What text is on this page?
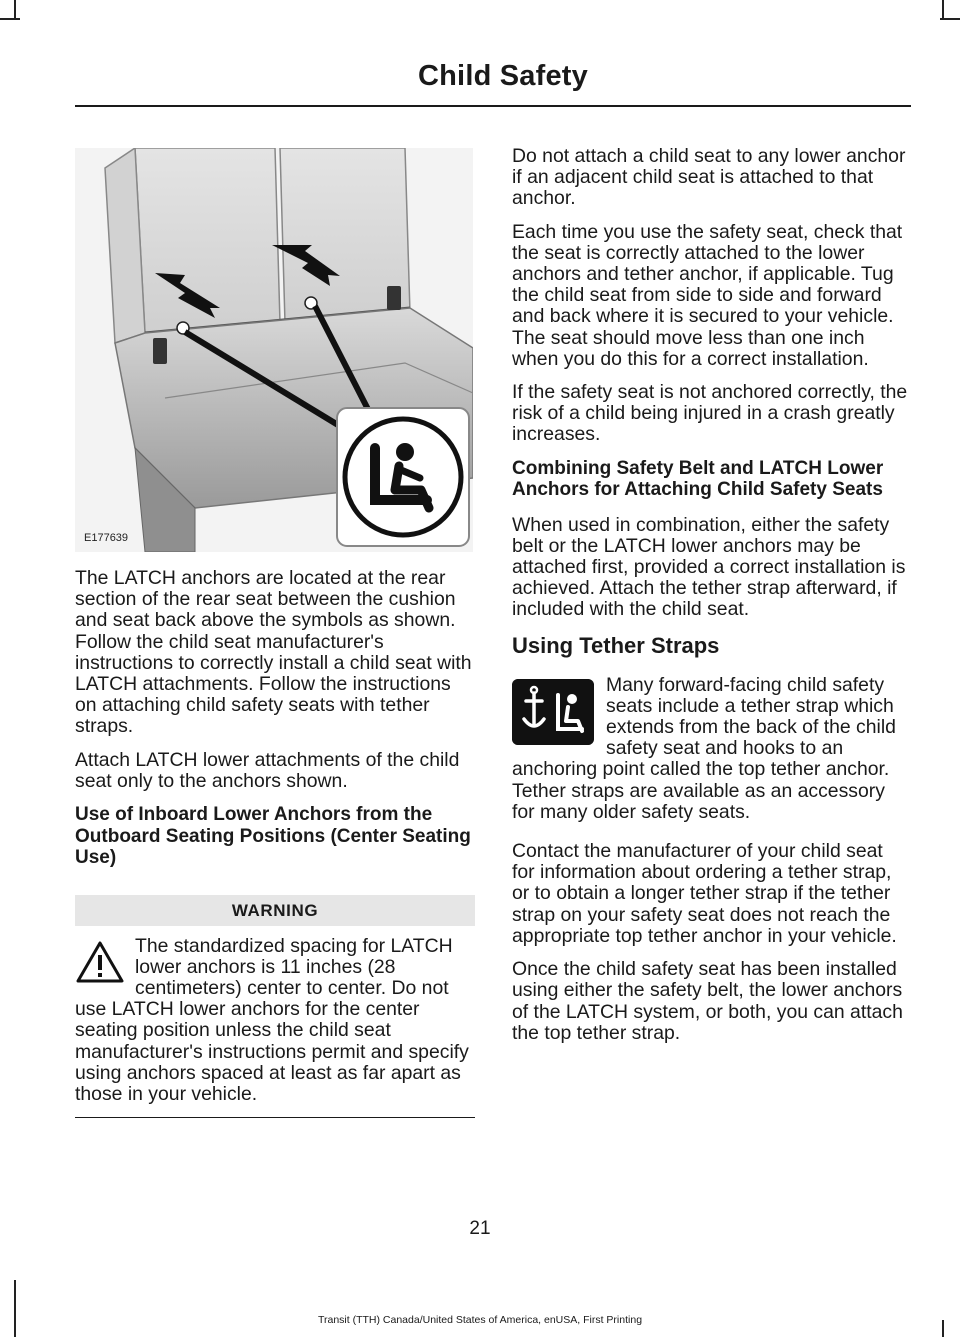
Child Safety
E177639

The LATCH anchors are located at the rear section of the rear seat between the cushion and seat back above the symbols as shown. Follow the child seat manufacturer's instructions to correctly install a child seat with LATCH attachments. Follow the instructions on attaching child safety seats with tether straps.

Attach LATCH lower attachments of the child seat only to the anchors shown.

Use of Inboard Lower Anchors from the Outboard Seating Positions (Center Seating Use)
WARNING

The standardized spacing for LATCH lower anchors is 11 inches (28 centimeters) center to center. Do not use LATCH lower anchors for the center seating position unless the child seat manufacturer's instructions permit and specify using anchors spaced at least as far apart as those in your vehicle.

Do not attach a child seat to any lower anchor if an adjacent child seat is attached to that anchor.

Each time you use the safety seat, check that the seat is correctly attached to the lower anchors and tether anchor, if applicable. Tug the child seat from side to side and forward and back where it is secured to your vehicle. The seat should move less than one inch when you do this for a correct installation.

If the safety seat is not anchored correctly, the risk of a child being injured in a crash greatly increases.

Combining Safety Belt and LATCH Lower Anchors for Attaching Child Safety Seats

When used in combination, either the safety belt or the LATCH lower anchors may be attached first, provided a correct installation is achieved. Attach the tether strap afterward, if included with the child seat.

Using Tether Straps

Many forward-facing child safety seats include a tether strap which extends from the back of the child safety seat and hooks to an anchoring point called the top tether anchor. Tether straps are available as an accessory for many older safety seats.

Contact the manufacturer of your child seat for information about ordering a tether strap, or to obtain a longer tether strap if the tether strap on your safety seat does not reach the appropriate top tether anchor in your vehicle.

Once the child safety seat has been installed using either the safety belt, the lower anchors of the LATCH system, or both, you can attach the top tether strap.

21
Transit (TTH) Canada/United States of America, enUSA, First Printing
